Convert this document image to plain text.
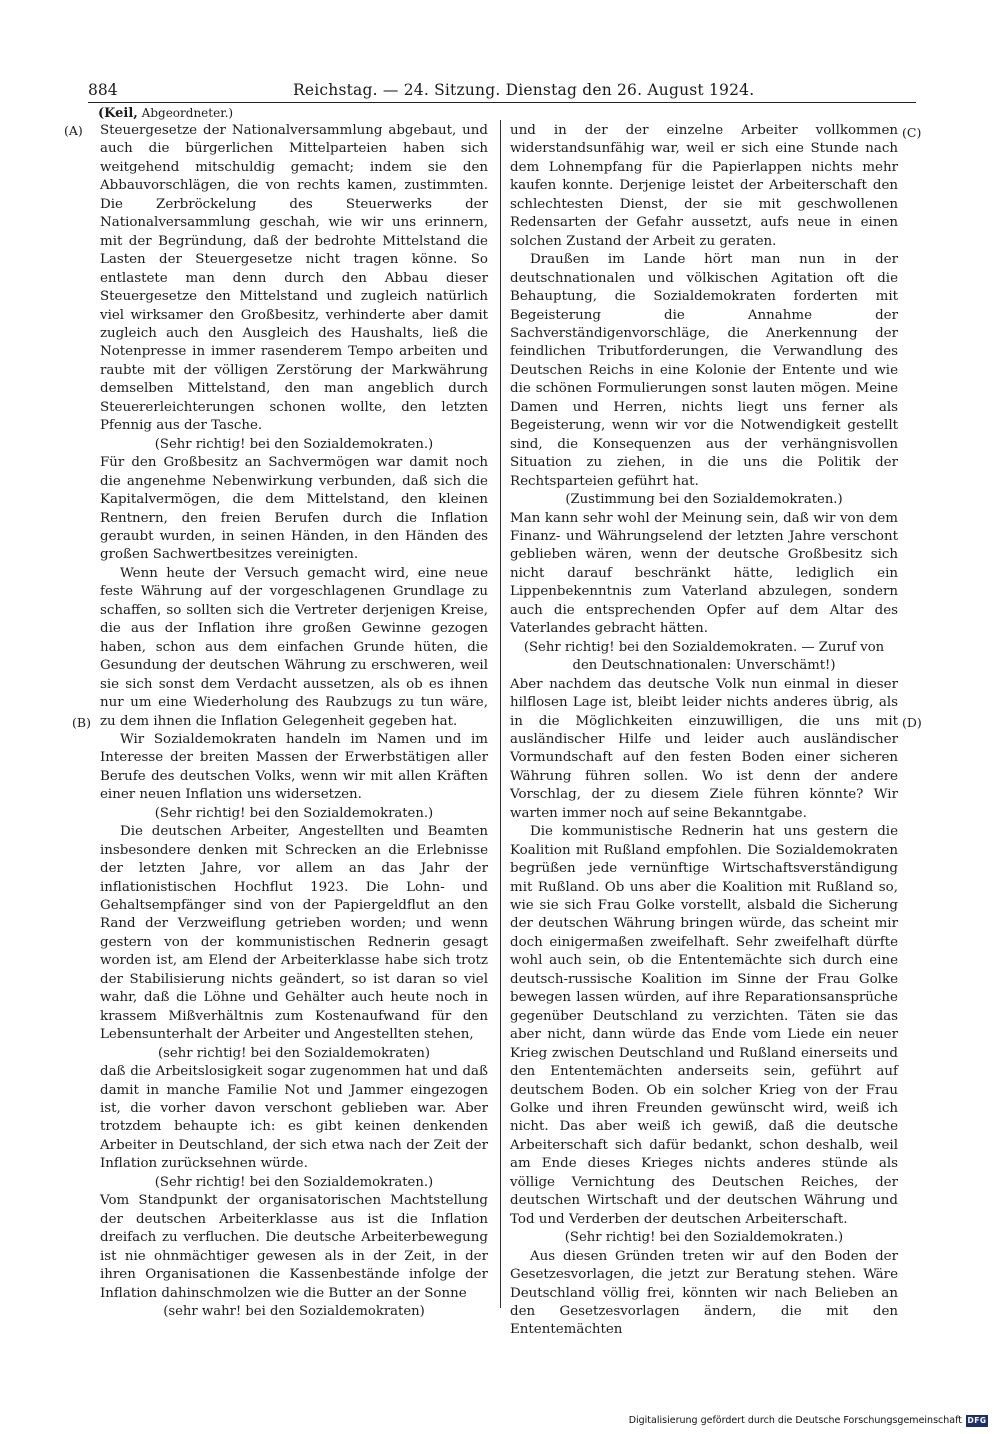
884	Reichstag. — 24. Sitzung. Dienstag den 26. August 1924.
(Keil, Abgeordneter.)
(A)
(B)
(C)
(D)

Steuergesetze der Nationalversammlung abgebaut, und auch die bürgerlichen Mittelparteien haben sich weitgehend mitschuldig gemacht; indem sie den Abbauvorschlägen, die von rechts kamen, zustimmten. Die Zerbröckelung des Steuerwerks der Nationalversammlung geschah, wie wir uns erinnern, mit der Begründung, daß der bedrohte Mittelstand die Lasten der Steuergesetze nicht tragen könne. So entlastete man denn durch den Abbau dieser Steuergesetze den Mittelstand und zugleich natürlich viel wirksamer den Großbesitz, verhinderte aber damit zugleich auch den Ausgleich des Haushalts, ließ die Notenpresse in immer rasenderem Tempo arbeiten und raubte mit der völligen Zerstörung der Markwährung demselben Mittelstand, den man angeblich durch Steuererleichterungen schonen wollte, den letzten Pfennig aus der Tasche.

(Sehr richtig! bei den Sozialdemokraten.)

Für den Großbesitz an Sachvermögen war damit noch die angenehme Nebenwirkung verbunden, daß sich die Kapitalvermögen, die dem Mittelstand, den kleinen Rentnern, den freien Berufen durch die Inflation geraubt wurden, in seinen Händen, in den Händen des großen Sachwertbesitzes vereinigten.

Wenn heute der Versuch gemacht wird, eine neue feste Währung auf der vorgeschlagenen Grundlage zu schaffen, so sollten sich die Vertreter derjenigen Kreise, die aus der Inflation ihre großen Gewinne gezogen haben, schon aus dem einfachen Grunde hüten, die Gesundung der deutschen Währung zu erschweren, weil sie sich sonst dem Verdacht aussetzen, als ob es ihnen nur um eine Wiederholung des Raubzugs zu tun wäre, zu dem ihnen die Inflation Gelegenheit gegeben hat.

Wir Sozialdemokraten handeln im Namen und im Interesse der breiten Massen der Erwerbstätigen aller Berufe des deutschen Volks, wenn wir mit allen Kräften einer neuen Inflation uns widersetzen.

(Sehr richtig! bei den Sozialdemokraten.)

Die deutschen Arbeiter, Angestellten und Beamten insbesondere denken mit Schrecken an die Erlebnisse der letzten Jahre, vor allem an das Jahr der inflationistischen Hochflut 1923. Die Lohn- und Gehaltsempfänger sind von der Papiergeldflut an den Rand der Verzweiflung getrieben worden; und wenn gestern von der kommunistischen Rednerin gesagt worden ist, am Elend der Arbeiterklasse habe sich trotz der Stabilisierung nichts geändert, so ist daran so viel wahr, daß die Löhne und Gehälter auch heute noch in krassem Mißverhältnis zum Kostenaufwand für den Lebensunterhalt der Arbeiter und Angestellten stehen,

(sehr richtig! bei den Sozialdemokraten)

daß die Arbeitslosigkeit sogar zugenommen hat und daß damit in manche Familie Not und Jammer eingezogen ist, die vorher davon verschont geblieben war. Aber trotzdem behaupte ich: es gibt keinen denkenden Arbeiter in Deutschland, der sich etwa nach der Zeit der Inflation zurücksehnen würde.

(Sehr richtig! bei den Sozialdemokraten.)

Vom Standpunkt der organisatorischen Machtstellung der deutschen Arbeiterklasse aus ist die Inflation dreifach zu verfluchen. Die deutsche Arbeiterbewegung ist nie ohnmächtiger gewesen als in der Zeit, in der ihren Organisationen die Kassenbestände infolge der Inflation dahinschmolzen wie die Butter an der Sonne

(sehr wahr! bei den Sozialdemokraten)

und in der der einzelne Arbeiter vollkommen widerstandsunfähig war, weil er sich eine Stunde nach dem Lohnempfang für die Papierlappen nichts mehr kaufen konnte. Derjenige leistet der Arbeiterschaft den schlechtesten Dienst, der sie mit geschwollenen Redensarten der Gefahr aussetzt, aufs neue in einen solchen Zustand der Arbeit zu geraten.

Draußen im Lande hört man nun in der deutschnationalen und völkischen Agitation oft die Behauptung, die Sozialdemokraten forderten mit Begeisterung die Annahme der Sachverständigenvorschläge, die Anerkennung der feindlichen Tributforderungen, die Verwandlung des Deutschen Reichs in eine Kolonie der Entente und wie die schönen Formulierungen sonst lauten mögen. Meine Damen und Herren, nichts liegt uns ferner als Begeisterung, wenn wir vor die Notwendigkeit gestellt sind, die Konsequenzen aus der verhängnisvollen Situation zu ziehen, in die uns die Politik der Rechtsparteien geführt hat.

(Zustimmung bei den Sozialdemokraten.)

Man kann sehr wohl der Meinung sein, daß wir von dem Finanz- und Währungselend der letzten Jahre verschont geblieben wären, wenn der deutsche Großbesitz sich nicht darauf beschränkt hätte, lediglich ein Lippenbekenntnis zum Vaterland abzulegen, sondern auch die entsprechenden Opfer auf dem Altar des Vaterlandes gebracht hätten.

(Sehr richtig! bei den Sozialdemokraten. — Zuruf von den Deutschnationalen: Unverschämt!)

Aber nachdem das deutsche Volk nun einmal in dieser hilflosen Lage ist, bleibt leider nichts anderes übrig, als in die Möglichkeiten einzuwilligen, die uns mit ausländischer Hilfe und leider auch ausländischer Vormundschaft auf den festen Boden einer sicheren Währung führen sollen. Wo ist denn der andere Vorschlag, der zu diesem Ziele führen könnte? Wir warten immer noch auf seine Bekanntgabe.

Die kommunistische Rednerin hat uns gestern die Koalition mit Rußland empfohlen. Die Sozialdemokraten begrüßen jede vernünftige Wirtschaftsverständigung mit Rußland. Ob uns aber die Koalition mit Rußland so, wie sie sich Frau Golke vorstellt, alsbald die Sicherung der deutschen Währung bringen würde, das scheint mir doch einigermaßen zweifelhaft. Sehr zweifelhaft dürfte wohl auch sein, ob die Ententemächte sich durch eine deutsch-russische Koalition im Sinne der Frau Golke bewegen lassen würden, auf ihre Reparationsansprüche gegenüber Deutschland zu verzichten. Täten sie das aber nicht, dann würde das Ende vom Liede ein neuer Krieg zwischen Deutschland und Rußland einerseits und den Ententemächten anderseits sein, geführt auf deutschem Boden. Ob ein solcher Krieg von der Frau Golke und ihren Freunden gewünscht wird, weiß ich nicht. Das aber weiß ich gewiß, daß die deutsche Arbeiterschaft sich dafür bedankt, schon deshalb, weil am Ende dieses Krieges nichts anderes stünde als völlige Vernichtung des Deutschen Reiches, der deutschen Wirtschaft und der deutschen Währung und Tod und Verderben der deutschen Arbeiterschaft.

(Sehr richtig! bei den Sozialdemokraten.)

Aus diesen Gründen treten wir auf den Boden der Gesetzesvorlagen, die jetzt zur Beratung stehen. Wäre Deutschland völlig frei, könnten wir nach Belieben an den Gesetzesvorlagen ändern, die mit den Ententemächten

Digitalisierung gefördert durch die Deutsche Forschungsgemeinschaft DFG
